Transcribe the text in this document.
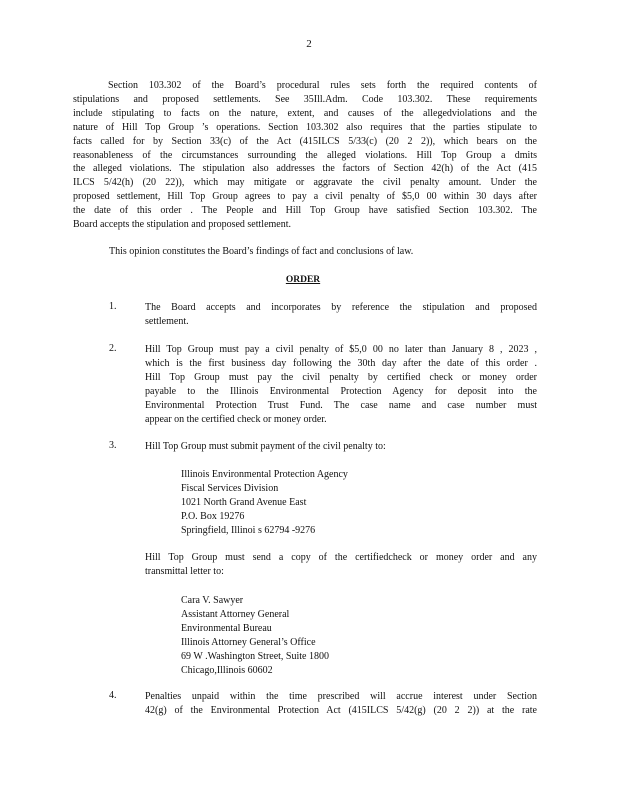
2
Section 103.302 of the Board’s procedural rules sets forth the required contents of
stipulations and proposed settlements. See 35Ill.Adm. Code 103.302. These requirements
include stipulating to facts on the nature, extent, and causes of the allegedviolations and the
nature of Hill Top Group ’s operations. Section 103.302 also requires that the parties stipulate to
facts called for by Section 33(c) of the Act (415ILCS 5/33(c) (20 2 2)), which bears on the
reasonableness of the circumstances surrounding the alleged violations. Hill Top Group a dmits
the alleged violations. The stipulation also addresses the factors of Section 42(h) of the Act (415
ILCS 5/42(h) (20 22)), which may mitigate or aggravate the civil penalty amount. Under the
proposed settlement, Hill Top Group agrees to pay a civil penalty of $5,0 00 within 30 days after
the date of this order . The People and Hill Top Group have satisfied Section 103.302. The
Board accepts the stipulation and proposed settlement.
This opinion constitutes the Board’s findings of fact and conclusions of law.
ORDER
1.	The Board accepts and incorporates by reference the stipulation and proposed
settlement.
2.	Hill Top Group must pay a civil penalty of $5,0 00 no later than January 8 , 2023 ,
which is the first business day following the 30th day after the date of this order .
Hill Top Group must pay the civil penalty by certified check or money order
payable to the Illinois Environmental Protection Agency for deposit into the
Environmental Protection Trust Fund. The case name and case number must
appear on the certified check or money order.
3.	Hill Top Group must submit payment of the civil penalty to:
Illinois Environmental Protection Agency
Fiscal Services Division
1021 North Grand Avenue East
P.O. Box 19276
Springfield, Illinoi s 62794 -9276
Hill Top Group must send a copy of the certifiedcheck or money order and any
transmittal letter to:
Cara V. Sawyer
Assistant Attorney General
Environmental Bureau
Illinois Attorney General’s Office
69 W .Washington Street, Suite 1800
Chicago,Illinois 60602
4.	Penalties unpaid within the time prescribed will accrue interest under Section
42(g) of the Environmental Protection Act (415ILCS 5/42(g) (20 2 2)) at the rate
